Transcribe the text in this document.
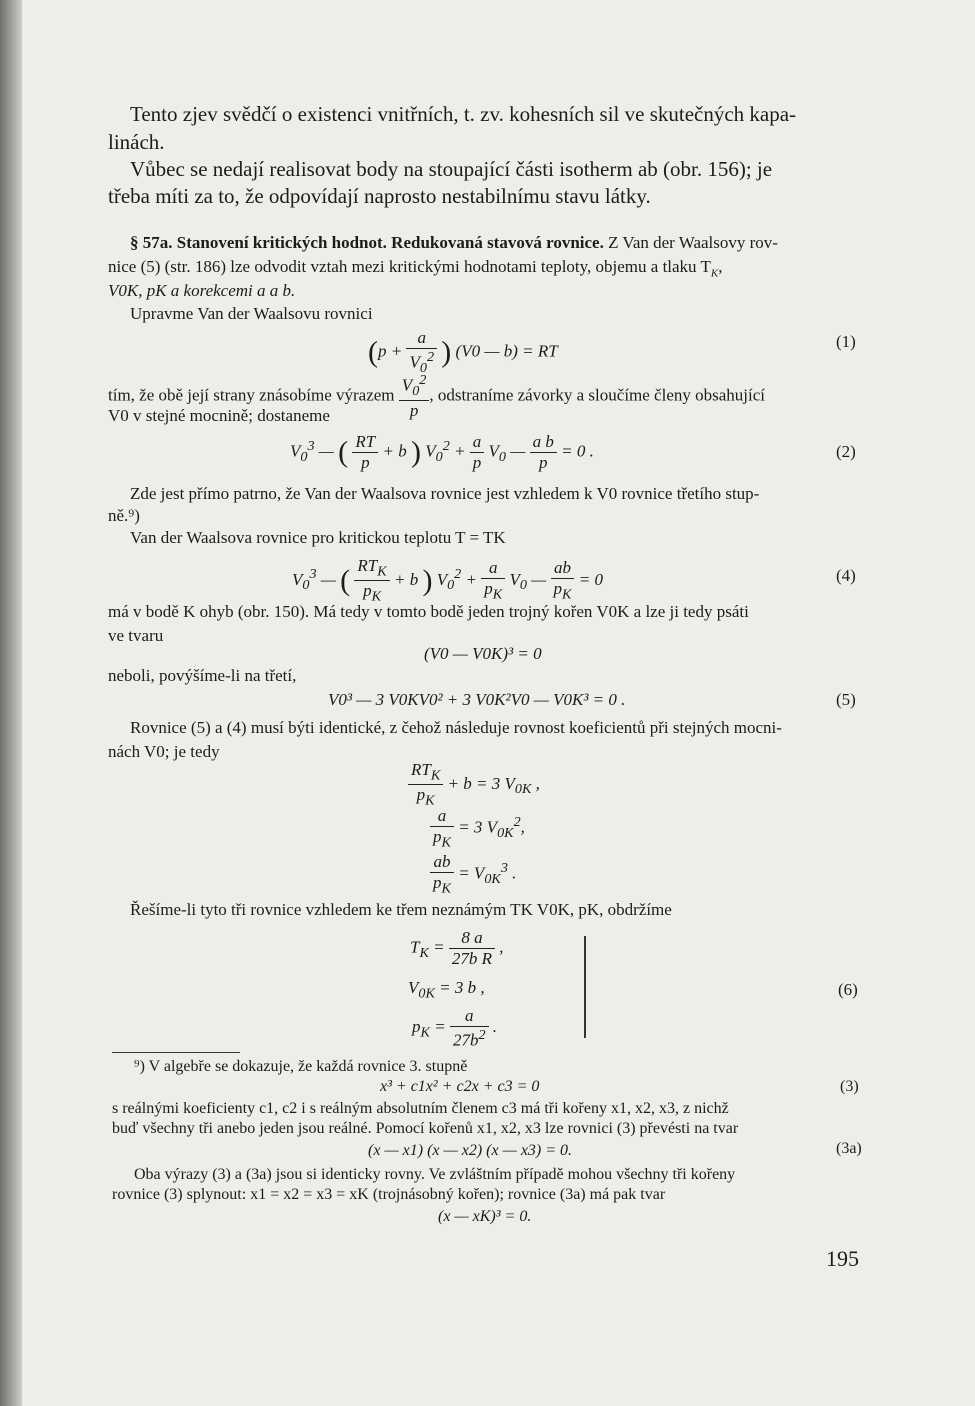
Tento zjev svědčí o existenci vnitřních, t. zv. kohesních sil ve skutečných kapa-
linách.
Vůbec se nedají realisovat body na stoupající části isotherm ab (obr. 156); je
třeba míti za to, že odpovídají naprosto nestabilnímu stavu látky.
§ 57a. Stanovení kritických hodnot. Redukovaná stavová rovnice. Z Van der Waalsovy rov-
nice (5) (str. 186) lze odvodit vztah mezi kritickými hodnotami teploty, objemu a tlaku $T_K$,
V0K, pK a korekcemi a a b.
Upravme Van der Waalsovu rovnici
($p + \frac{a}{V_0^2}$ ) (V0 — b) = RT	(1)
tím, že obě její strany znásobíme výrazem $\frac{V_0^2}{p}$ , odstraníme závorky a sloučíme členy obsahující
V0 v stejné mocnině; dostaneme
$V_0^3$ — ( $\frac{RT}{p} + b$ ) $V_0^2 + \frac{a}{p} V_0$ — $\frac{\text{a b}}{p} = 0$ .	(2)
Zde jest přímo patrno, že Van der Waalsova rovnice jest vzhledem k V0 rovnice třetího stup-
ně.⁹)
Van der Waalsova rovnice pro kritickou teplotu T = TK
$V_0^3$ — ( $\frac{RT_K}{p_K} + b$ ) $V_0^2 + \frac{a}{p_K} V_0$ — $\frac{ab}{p_K} = 0$	(4)
má v bodě K ohyb (obr. 150). Má tedy v tomto bodě jeden trojný kořen V0K a lze ji tedy psáti
ve tvaru
(V0 — V0K)³ = 0
neboli, povýšíme-li na třetí,
V0³ — 3 V0KV0² + 3 V0K²V0 — V0K³ = 0 .	(5)
Rovnice (5) a (4) musí býti identické, z čehož následuje rovnost koeficientů při stejných mocni-
nách V0; je tedy
$\frac{RT_K}{p_K} + b = 3$ $V_{0K}$ ,
$\frac{a}{p_K} = 3$ $V_{0K}^2$,
$\frac{ab}{p_K} = V_{0K}^3$ .
Řešíme-li tyto tři rovnice vzhledem ke třem neznámým TK V0K, pK, obdržíme
$T_K = \frac{8 a}{\text{27b R}}$ ,
$V_{0K} = 3$ b ,
$p_K = \frac{a}{27b^2}$ .
(6)
⁹) V algebře se dokazuje, že každá rovnice 3. stupně
x³ + c1x² + c2x + c3 = 0	(3)
s reálnými koeficienty c1, c2 i s reálným absolutním členem c3 má tři kořeny x1, x2, x3, z nichž
buď všechny tři anebo jeden jsou reálné. Pomocí kořenů x1, x2, x3 lze rovnici (3) převésti na tvar
(x — x1) (x — x2) (x — x3) = 0.	(3a)
Oba výrazy (3) a (3a) jsou si identicky rovny. Ve zvláštním případě mohou všechny tři kořeny
rovnice (3) splynout: x1 = x2 = x3 = xK (trojnásobný kořen); rovnice (3a) má pak tvar
(x — xK)³ = 0.
195
